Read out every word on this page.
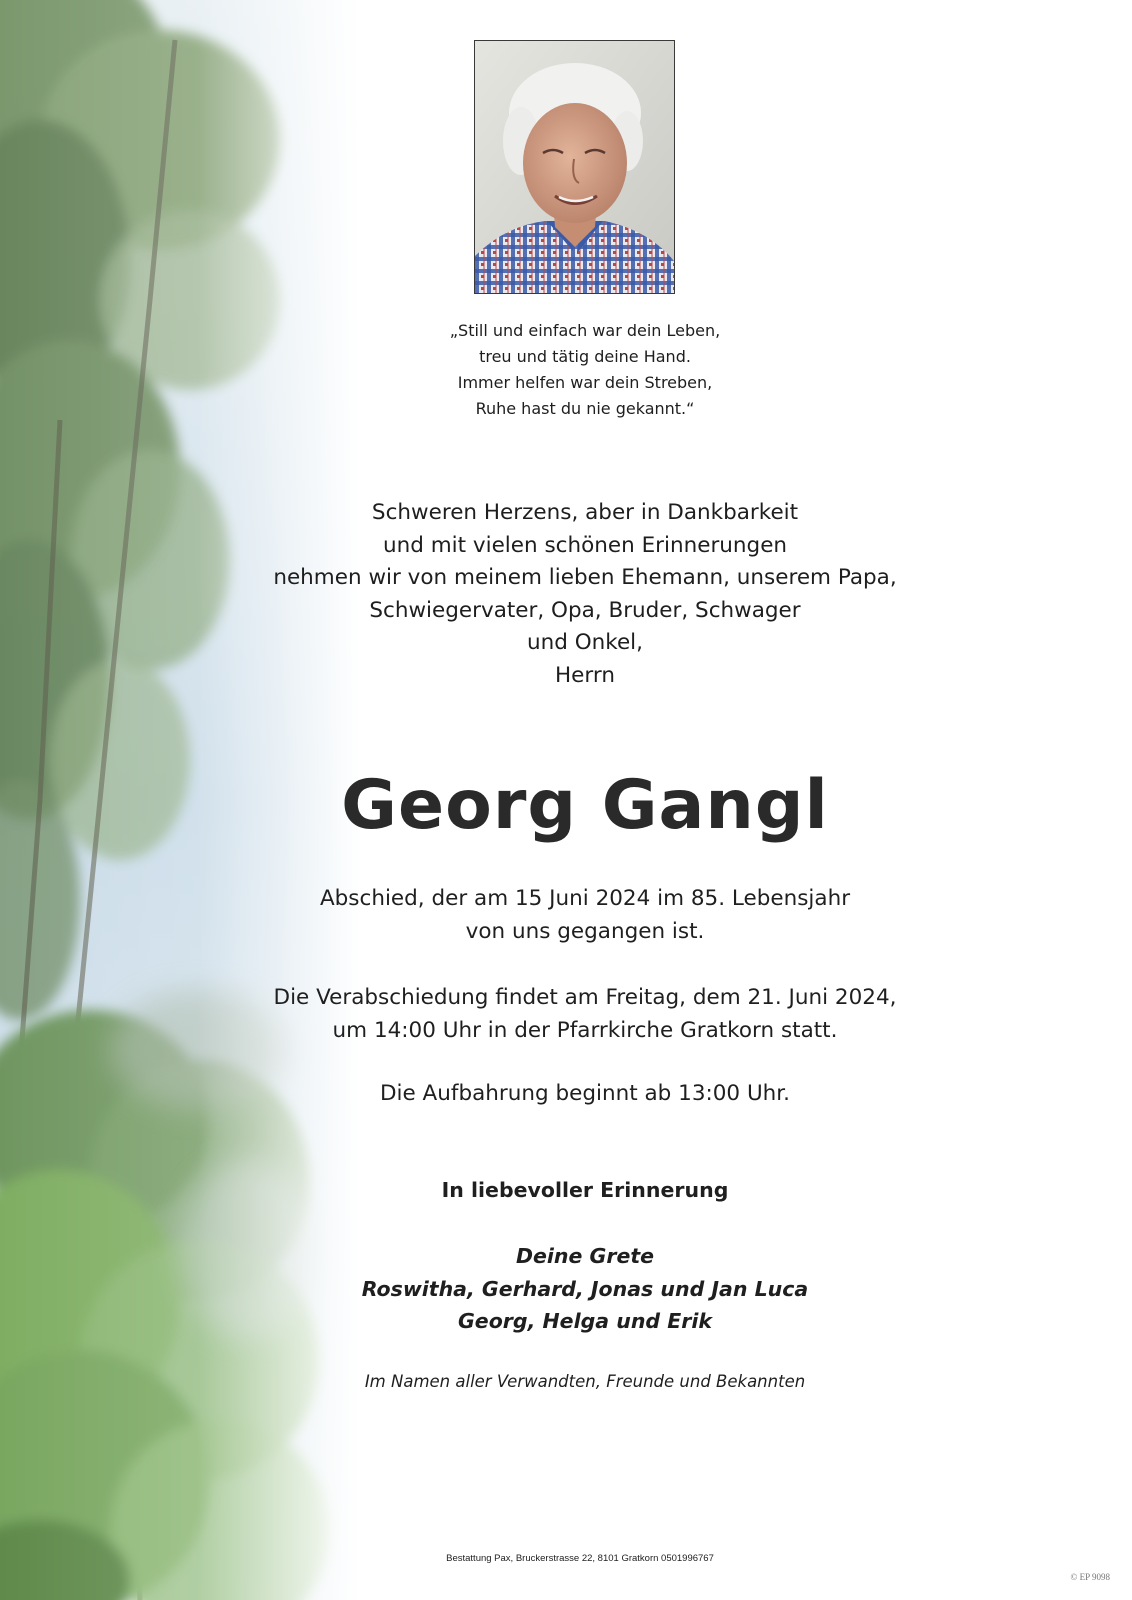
„Still und einfach war dein Leben,
treu und tätig deine Hand.
Immer helfen war dein Streben,
Ruhe hast du nie gekannt.“

Schweren Herzens, aber in Dankbarkeit
und mit vielen schönen Erinnerungen
nehmen wir von meinem lieben Ehemann, unserem Papa,
Schwiegervater, Opa, Bruder, Schwager
und Onkel,
Herrn

Georg Gangl

Abschied, der am 15 Juni 2024 im 85. Lebensjahr
von uns gegangen ist.

Die Verabschiedung findet am Freitag, dem 21. Juni 2024,
um 14:00 Uhr in der Pfarrkirche Gratkorn statt.

Die Aufbahrung beginnt ab 13:00 Uhr.

In liebevoller Erinnerung

Deine Grete
Roswitha, Gerhard, Jonas und Jan Luca
Georg, Helga und Erik

Im Namen aller Verwandten, Freunde und Bekannten

Bestattung Pax, Bruckerstrasse 22, 8101 Gratkorn 0501996767
© EP 9098
